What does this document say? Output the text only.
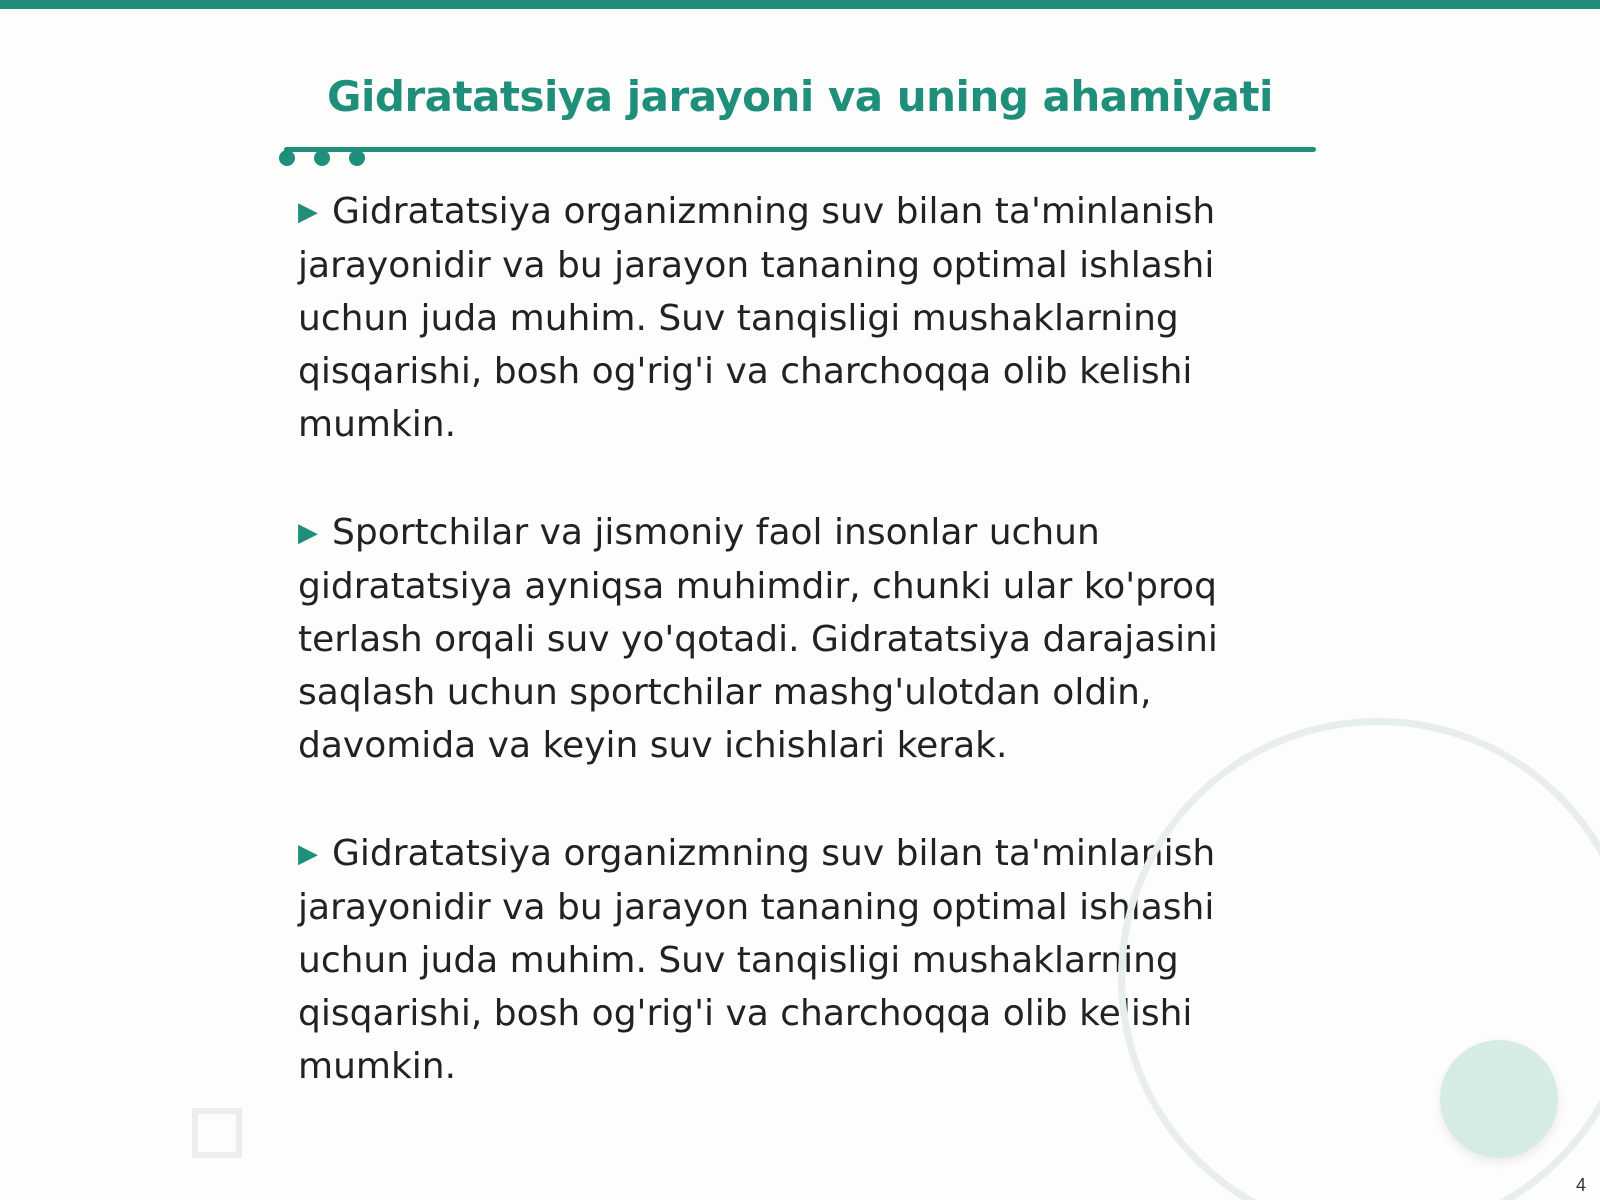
Gidratatsiya jarayoni va uning ahamiyati

▶ Gidratatsiya organizmning suv bilan ta'minlanish jarayonidir va bu jarayon tananing optimal ishlashi uchun juda muhim. Suv tanqisligi mushaklarning qisqarishi, bosh og'rig'i va charchoqqa olib kelishi mumkin.

▶ Sportchilar va jismoniy faol insonlar uchun gidratatsiya ayniqsa muhimdir, chunki ular ko'proq terlash orqali suv yo'qotadi. Gidratatsiya darajasini saqlash uchun sportchilar mashg'ulotdan oldin, davomida va keyin suv ichishlari kerak.

▶ Gidratatsiya organizmning suv bilan ta'minlanish jarayonidir va bu jarayon tananing optimal ishlashi uchun juda muhim. Suv tanqisligi mushaklarning qisqarishi, bosh og'rig'i va charchoqqa olib kelishi mumkin.

4
